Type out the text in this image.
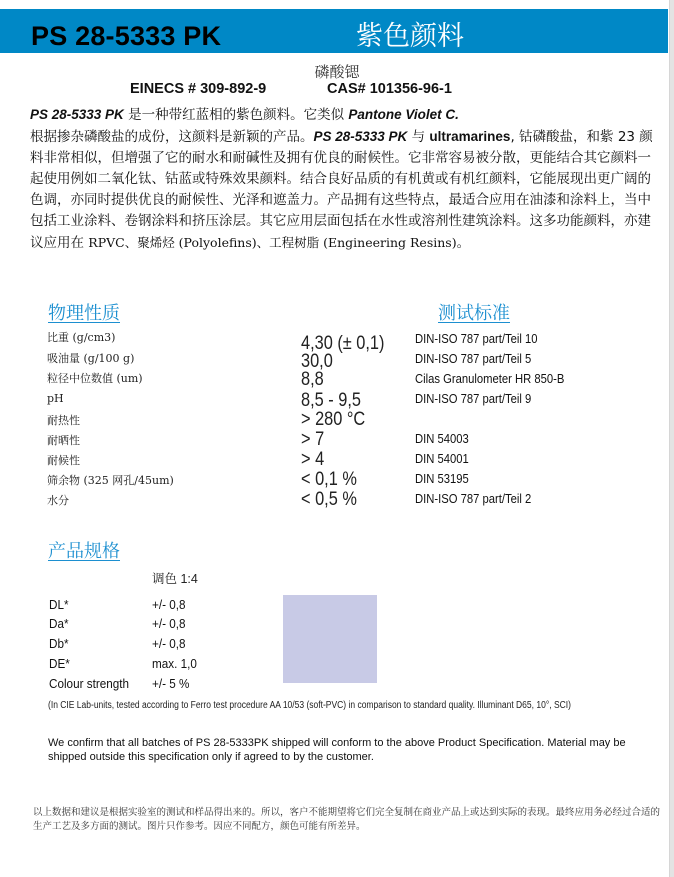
PS 28-5333 PK	紫色颜料
磷酸锶
EINECS # 309-892-9	CAS# 101356-96-1

PS 28-5333 PK 是一种带红蓝相的紫色颜料。它类似 Pantone Violet C.

根据掺杂磷酸盐的成份，这颜料是新颖的产品。PS 28-5333 PK 与 ultramarines, 钴磷酸盐，和紫 23 颜料非常相似，但增强了它的耐水和耐碱性及拥有优良的耐候性。它非常容易被分散，更能结合其它颜料一起使用例如二氧化钛、钴蓝或特殊效果颜料。结合良好品质的有机黄或有机红颜料，它能展现出更广阔的色调，亦同时提供优良的耐候性、光泽和遮盖力。产品拥有这些特点，最适合应用在油漆和涂料上，当中包括工业涂料、卷钢涂料和挤压涂层。其它应用层面包括在水性或溶剂性建筑涂料。这多功能颜料，亦建议应用在 RPVC、聚烯烃 (Polyolefins)、工程树脂 (Engineering Resins)。

物理性质	测试标准
比重 (g/cm3)	4,30 (± 0,1) DIN-ISO 787 part/Teil 10
吸油量 (g/100 g)	30,0	DIN-ISO 787 part/Teil 5
粒径中位数值 (um)	8,8	Cilas Granulometer HR 850-B
pH	8,5 - 9,5	DIN-ISO 787 part/Teil 9
耐热性	> 280 °C
耐晒性	> 7	DIN 54003
耐候性	> 4	DIN 54001
筛余物 (325 网孔/45um)	< 0,1 %	DIN 53195
水分	< 0,5 %	DIN-ISO 787 part/Teil 2
产品规格
调色 1:4
DL*	+/- 0,8
Da*	+/- 0,8
Db*	+/- 0,8
DE*	max. 1,0
Colour strength +/- 5 %
(In CIE Lab-units, tested according to Ferro test procedure AA 10/53 (soft-PVC) in comparison to standard quality. Illuminant D65, 10°, SCI)
We confirm that all batches of PS 28-5333PK shipped will conform to the above Product Specification. Material may be shipped outside this specification only if agreed to by the customer.
以上数据和建议是根据实验室的测试和样品得出来的。所以，客户不能期望将它们完全复制在商业产品上或达到实际的表现。最终应用务必经过合适的生产工艺及多方面的测试。图片只作参考。因应不同配方，颜色可能有所差异。
